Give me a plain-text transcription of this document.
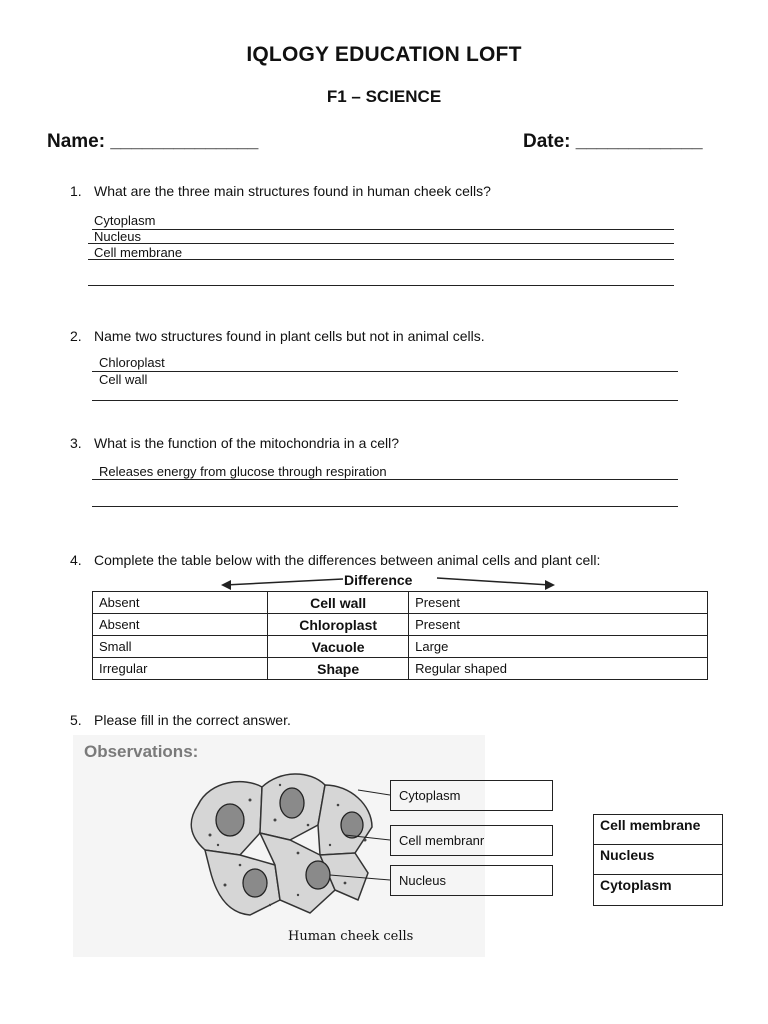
IQLOGY EDUCATION LOFT
F1 – SCIENCE
Name: ______________	Date: ____________
1. What are the three main structures found in human cheek cells?
Cytoplasm
Nucleus
Cell membrane
2. Name two structures found in plant cells but not in animal cells.
Chloroplast
Cell wall
3. What is the function of the mitochondria in a cell?
Releases energy from glucose through respiration
4. Complete the table below with the differences between animal cells and plant cell:
Difference
Absent	Cell wall	Present
Absent	Chloroplast	Present
Small	Vacuole	Large
Irregular	Shape	Regular shaped
5. Please fill in the correct answer.
Observations:
Human cheek cells
Cytoplasm
Cell membranr
Nucleus
Cell membrane
Nucleus
Cytoplasm
